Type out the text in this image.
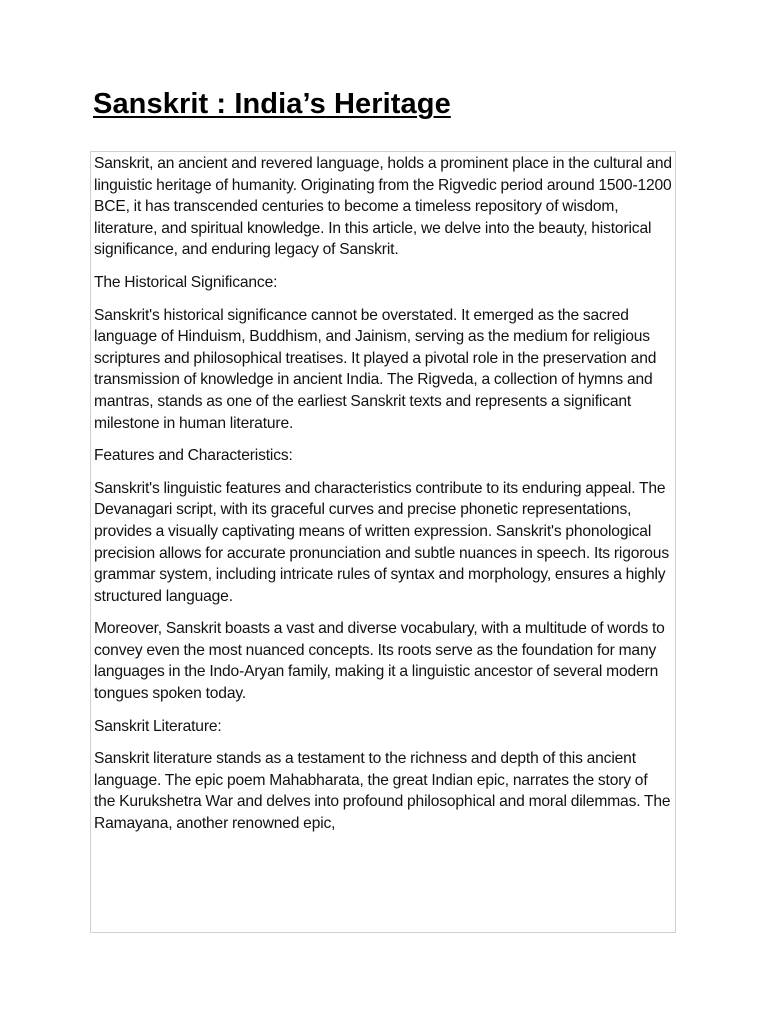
Sanskrit : India’s Heritage

Sanskrit, an ancient and revered language, holds a prominent place in the cultural and linguistic heritage of humanity. Originating from the Rigvedic period around 1500-1200 BCE, it has transcended centuries to become a timeless repository of wisdom, literature, and spiritual knowledge. In this article, we delve into the beauty, historical significance, and enduring legacy of Sanskrit.

The Historical Significance:

Sanskrit's historical significance cannot be overstated. It emerged as the sacred language of Hinduism, Buddhism, and Jainism, serving as the medium for religious scriptures and philosophical treatises. It played a pivotal role in the preservation and transmission of knowledge in ancient India. The Rigveda, a collection of hymns and mantras, stands as one of the earliest Sanskrit texts and represents a significant milestone in human literature.

Features and Characteristics:

Sanskrit's linguistic features and characteristics contribute to its enduring appeal. The Devanagari script, with its graceful curves and precise phonetic representations, provides a visually captivating means of written expression. Sanskrit's phonological precision allows for accurate pronunciation and subtle nuances in speech. Its rigorous grammar system, including intricate rules of syntax and morphology, ensures a highly structured language.

Moreover, Sanskrit boasts a vast and diverse vocabulary, with a multitude of words to convey even the most nuanced concepts. Its roots serve as the foundation for many languages in the Indo-Aryan family, making it a linguistic ancestor of several modern tongues spoken today.

Sanskrit Literature:

Sanskrit literature stands as a testament to the richness and depth of this ancient language. The epic poem Mahabharata, the great Indian epic, narrates the story of the Kurukshetra War and delves into profound philosophical and moral dilemmas. The Ramayana, another renowned epic,
